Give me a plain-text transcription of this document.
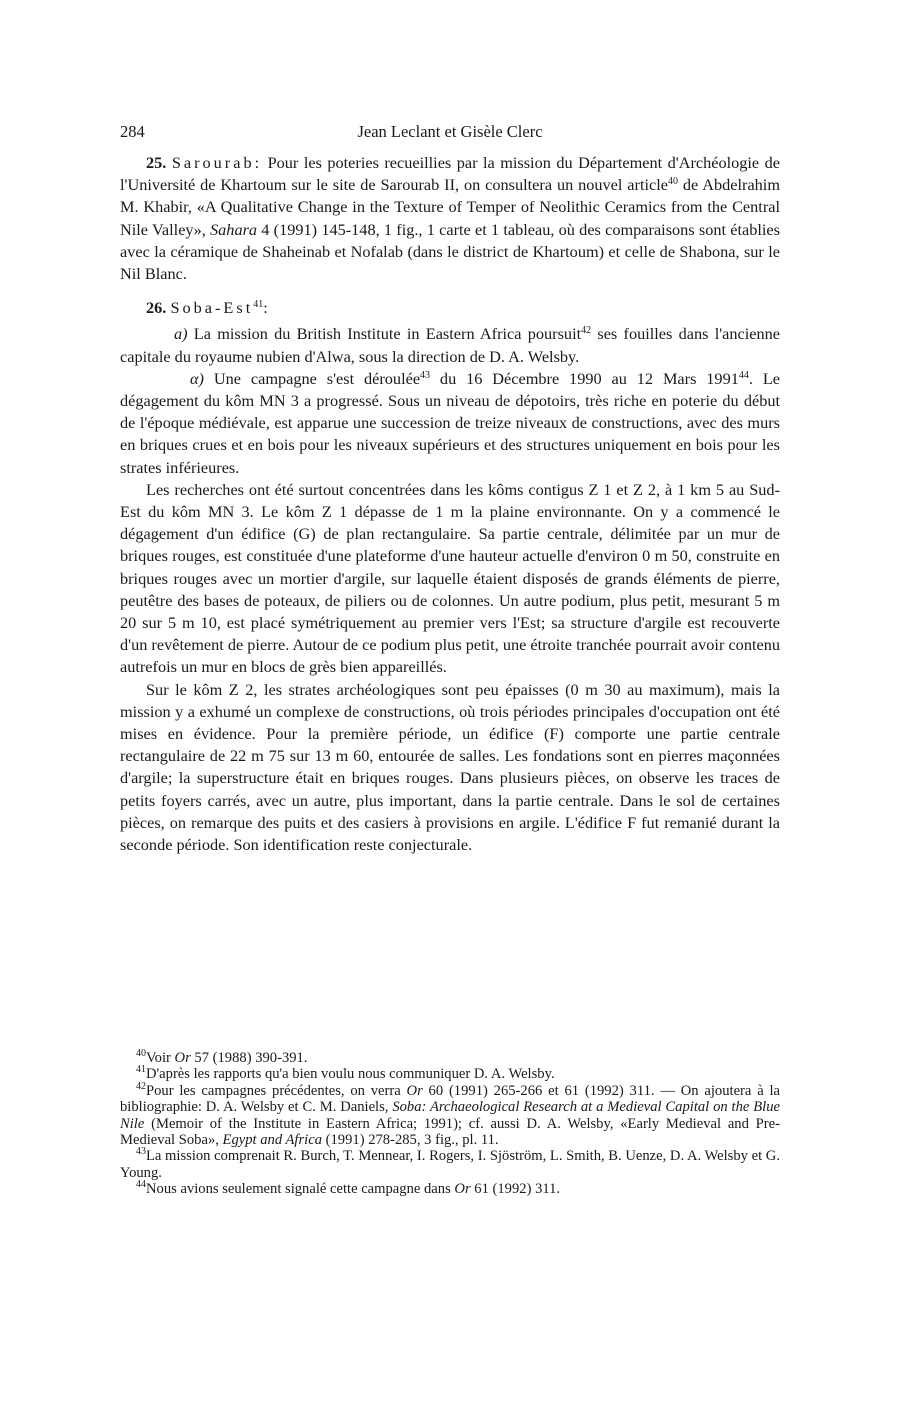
284	Jean Leclant et Gisèle Clerc

25. Sarourab: Pour les poteries recueillies par la mission du Département d'Archéologie de l'Université de Khartoum sur le site de Sarourab II, on consultera un nouvel article$^{40}$ de Abdelrahim M. Khabir, «A Qualitative Change in the Texture of Temper of Neolithic Ceramics from the Central Nile Valley», Sahara 4 (1991) 145-148, 1 fig., 1 carte et 1 tableau, où des comparaisons sont établies avec la céramique de Shaheinab et Nofalab (dans le district de Khartoum) et celle de Shabona, sur le Nil Blanc.

26. Soba-Est$^{41}$:

a) La mission du British Institute in Eastern Africa poursuit$^{42}$ ses fouilles dans l'ancienne capitale du royaume nubien d'Alwa, sous la direction de D. A. Welsby.

α) Une campagne s'est déroulée$^{43}$ du 16 Décembre 1990 au 12 Mars 1991$^{44}$. Le dégagement du kôm MN 3 a progressé. Sous un niveau de dépotoirs, très riche en poterie du début de l'époque médiévale, est apparue une succession de treize niveaux de constructions, avec des murs en briques crues et en bois pour les niveaux supérieurs et des structures uniquement en bois pour les strates inférieures.

Les recherches ont été surtout concentrées dans les kôms contigus Z 1 et Z 2, à 1 km 5 au Sud-Est du kôm MN 3. Le kôm Z 1 dépasse de 1 m la plaine environnante. On y a commencé le dégagement d'un édifice (G) de plan rectangulaire. Sa partie centrale, délimitée par un mur de briques rouges, est constituée d'une plateforme d'une hauteur actuelle d'environ 0 m 50, construite en briques rouges avec un mortier d'argile, sur laquelle étaient disposés de grands éléments de pierre, peutêtre des bases de poteaux, de piliers ou de colonnes. Un autre podium, plus petit, mesurant 5 m 20 sur 5 m 10, est placé symétriquement au premier vers l'Est; sa structure d'argile est recouverte d'un revêtement de pierre. Autour de ce podium plus petit, une étroite tranchée pourrait avoir contenu autrefois un mur en blocs de grès bien appareillés.

Sur le kôm Z 2, les strates archéologiques sont peu épaisses (0 m 30 au maximum), mais la mission y a exhumé un complexe de constructions, où trois périodes principales d'occupation ont été mises en évidence. Pour la première période, un édifice (F) comporte une partie centrale rectangulaire de 22 m 75 sur 13 m 60, entourée de salles. Les fondations sont en pierres maçonnées d'argile; la superstructure était en briques rouges. Dans plusieurs pièces, on observe les traces de petits foyers carrés, avec un autre, plus important, dans la partie centrale. Dans le sol de certaines pièces, on remarque des puits et des casiers à provisions en argile. L'édifice F fut remanié durant la seconde période. Son identification reste conjecturale.

$^{40}$Voir Or 57 (1988) 390-391.

$^{41}$D'après les rapports qu'a bien voulu nous communiquer D. A. Welsby.

$^{42}$Pour les campagnes précédentes, on verra Or 60 (1991) 265-266 et 61 (1992) 311. — On ajoutera à la bibliographie: D. A. Welsby et C. M. Daniels, Soba: Archaeological Research at a Medieval Capital on the Blue Nile (Memoir of the Institute in Eastern Africa; 1991); cf. aussi D. A. Welsby, «Early Medieval and Pre-Medieval Soba», Egypt and Africa (1991) 278-285, 3 fig., pl. 11.

$^{43}$La mission comprenait R. Burch, T. Mennear, I. Rogers, I. Sjöström, L. Smith, B. Uenze, D. A. Welsby et G. Young.

$^{44}$Nous avions seulement signalé cette campagne dans Or 61 (1992) 311.
